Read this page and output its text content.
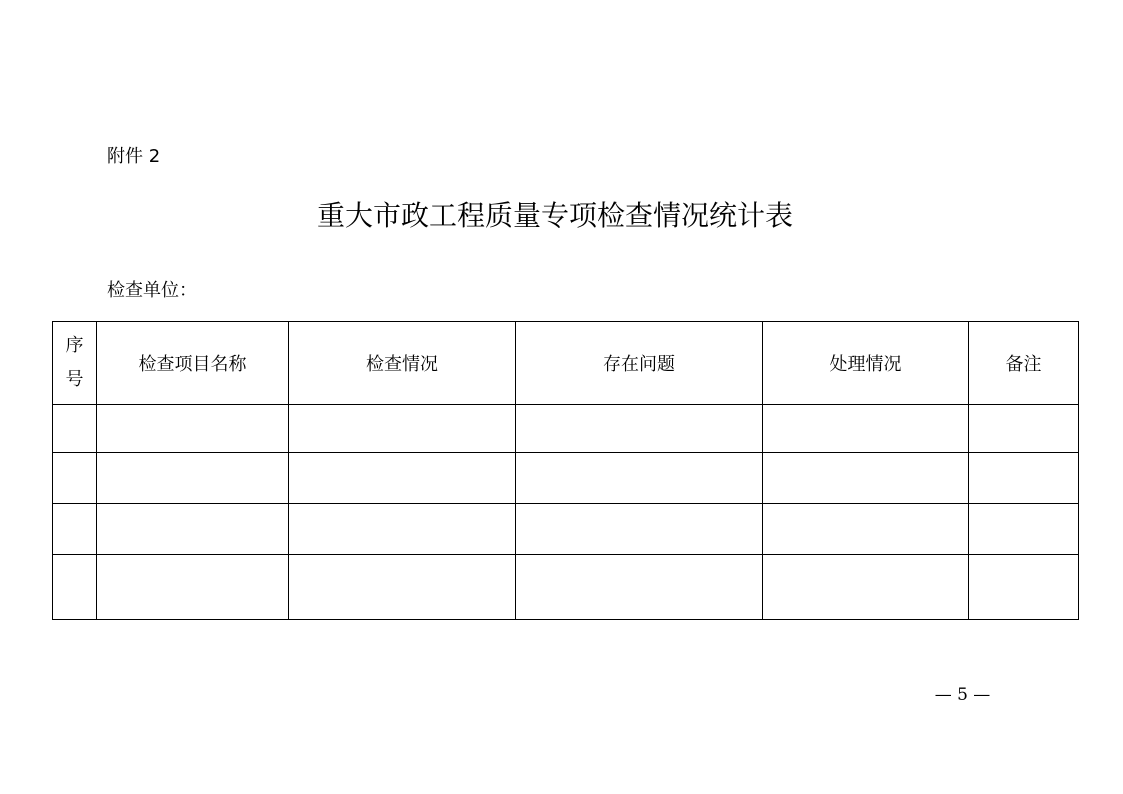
附件 2
重大市政工程质量专项检查情况统计表
检查单位：
序号	检查项目名称	检查情况	存在问题	处理情况	备注

— 5 —
